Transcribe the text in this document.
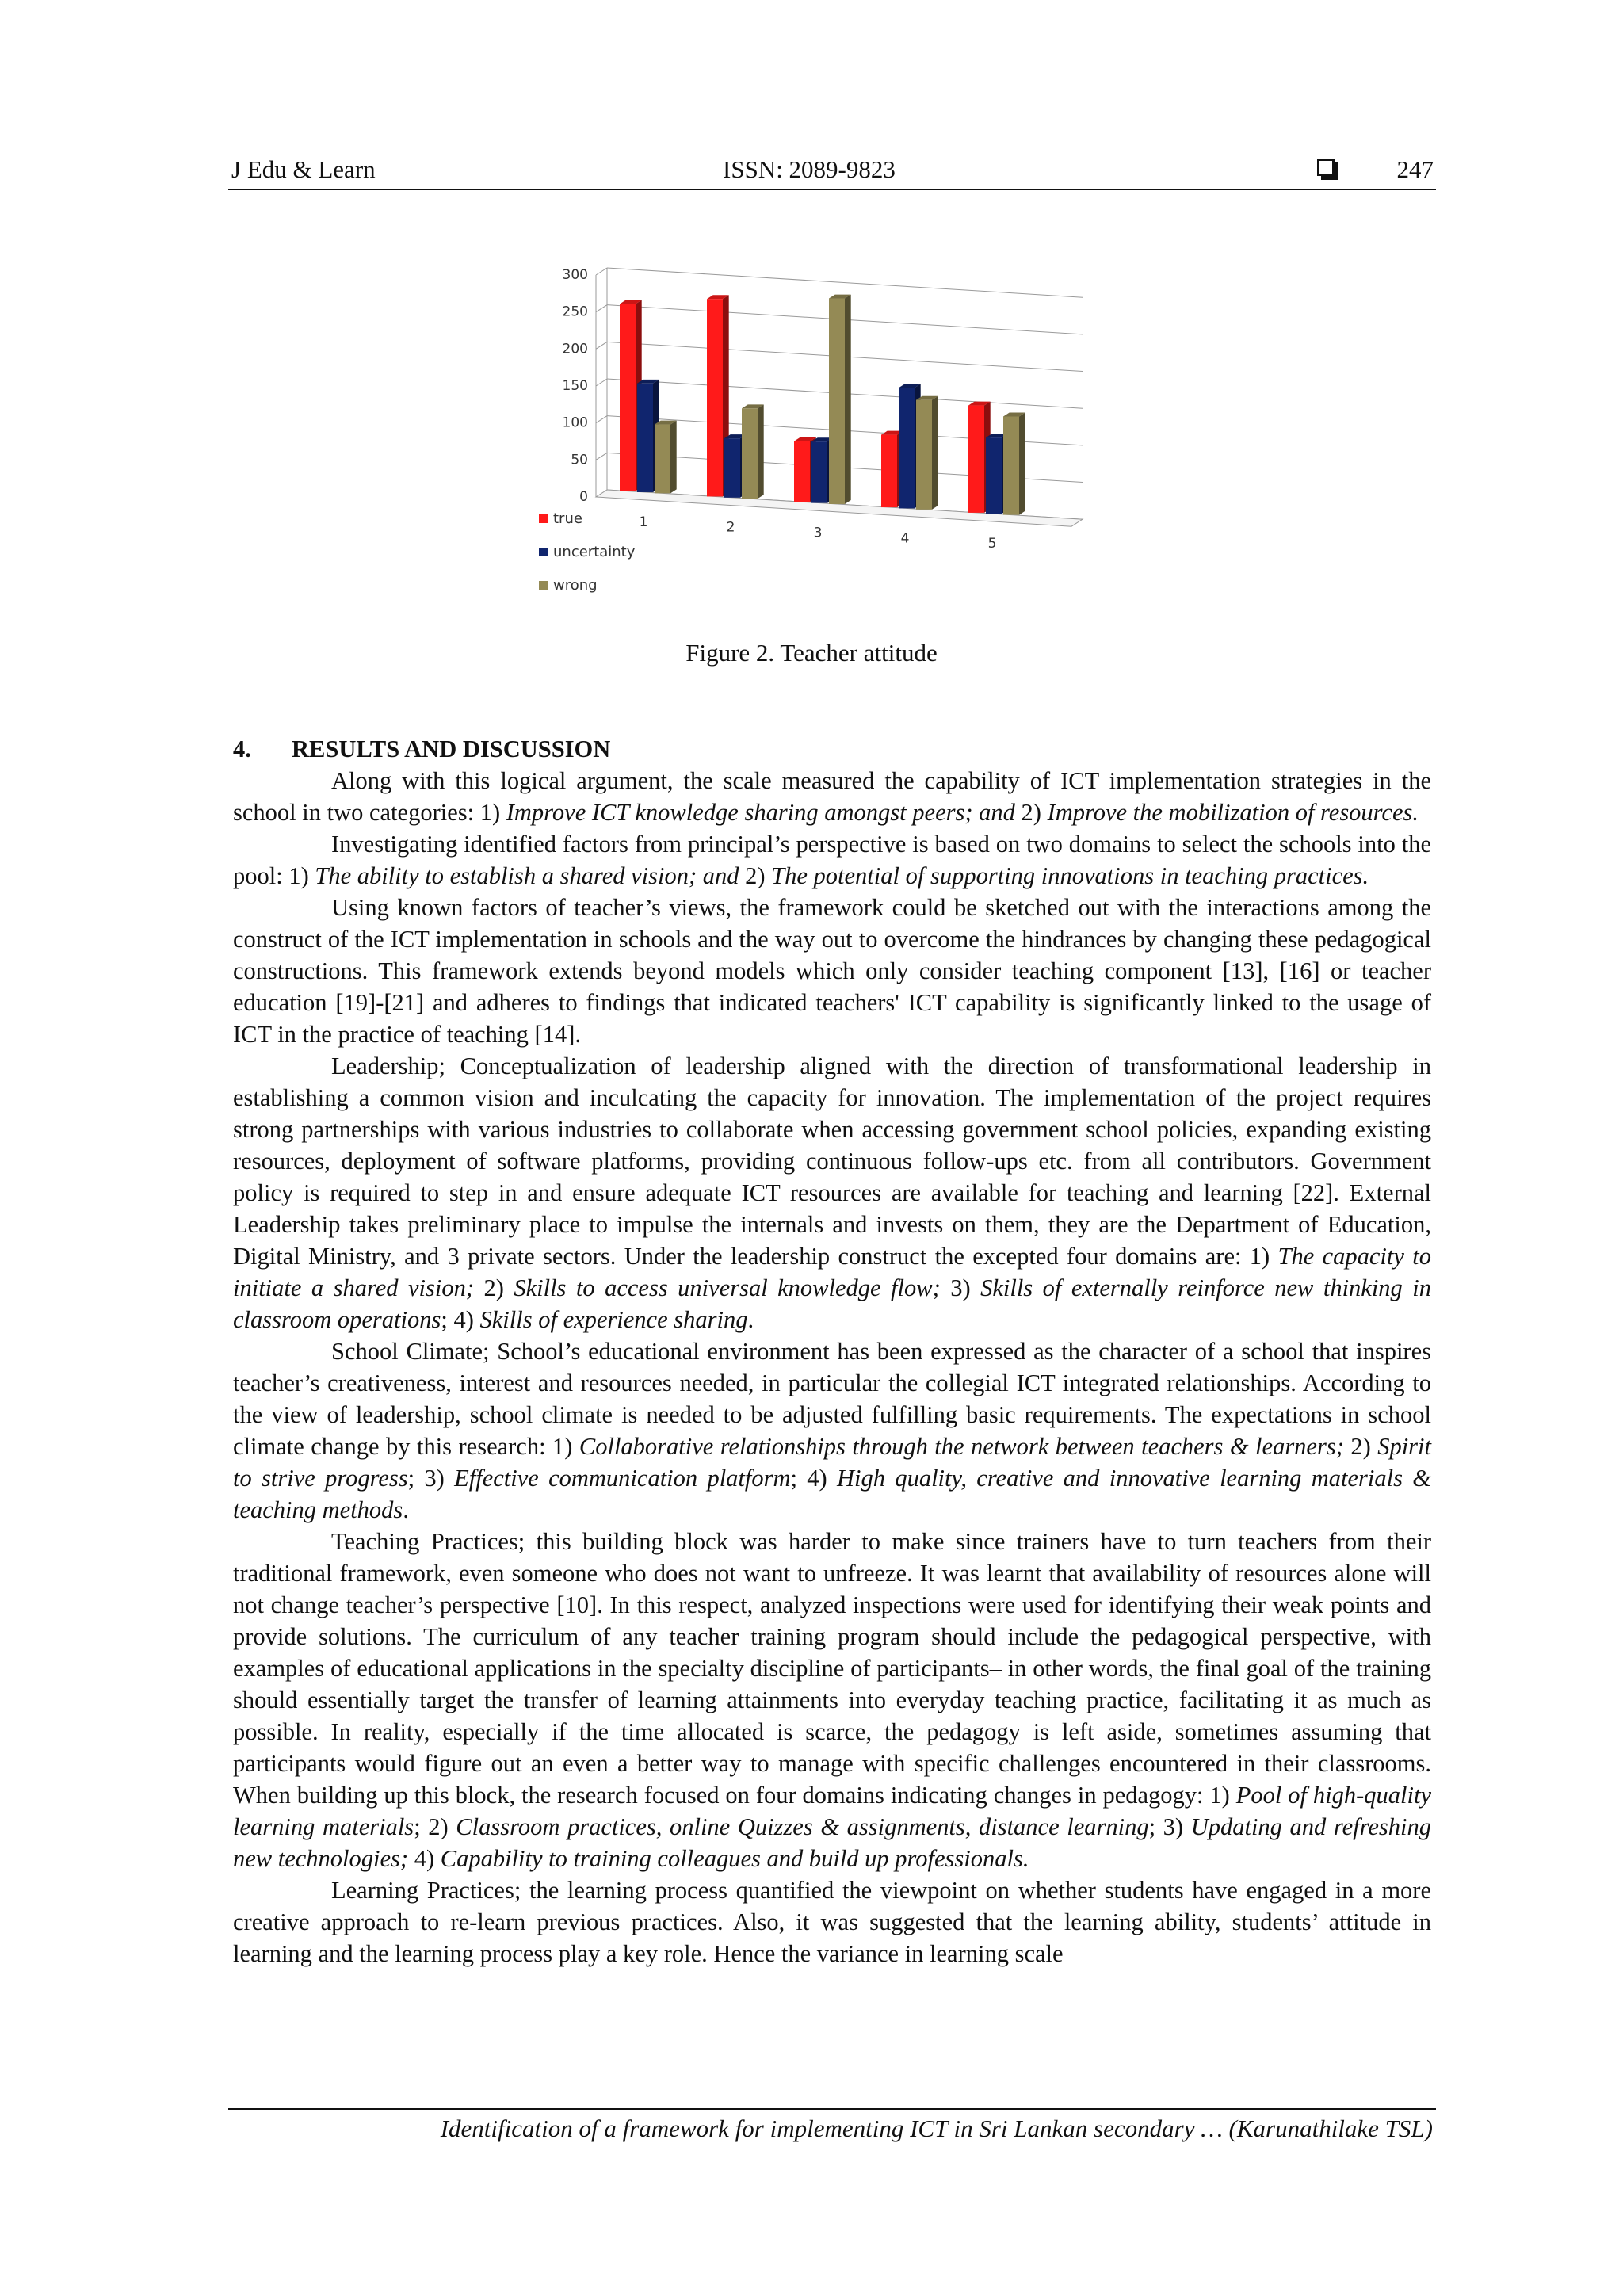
J Edu & Learn	ISSN: 2089-9823	247
0
50
100
150
200
250
300
1	2	3	4	5
true
uncertainty
wrong
Figure 2. Teacher attitude
4. RESULTS AND DISCUSSION

Along with this logical argument, the scale measured the capability of ICT implementation strategies in the school in two categories: 1) Improve ICT knowledge sharing amongst peers; and 2) Improve the mobilization of resources.

Investigating identified factors from principal’s perspective is based on two domains to select the schools into the pool: 1) The ability to establish a shared vision; and 2) The potential of supporting innovations in teaching practices.

Using known factors of teacher’s views, the framework could be sketched out with the interactions among the construct of the ICT implementation in schools and the way out to overcome the hindrances by changing these pedagogical constructions. This framework extends beyond models which only consider teaching component [13], [16] or teacher education [19]-[21] and adheres to findings that indicated teachers' ICT capability is significantly linked to the usage of ICT in the practice of teaching [14].

Leadership; Conceptualization of leadership aligned with the direction of transformational leadership in establishing a common vision and inculcating the capacity for innovation. The implementation of the project requires strong partnerships with various industries to collaborate when accessing government school policies, expanding existing resources, deployment of software platforms, providing continuous follow-ups etc. from all contributors. Government policy is required to step in and ensure adequate ICT resources are available for teaching and learning [22]. External Leadership takes preliminary place to impulse the internals and invests on them, they are the Department of Education, Digital Ministry, and 3 private sectors. Under the leadership construct the excepted four domains are: 1) The capacity to initiate a shared vision; 2) Skills to access universal knowledge flow; 3) Skills of externally reinforce new thinking in classroom operations; 4) Skills of experience sharing.

School Climate; School’s educational environment has been expressed as the character of a school that inspires teacher’s creativeness, interest and resources needed, in particular the collegial ICT integrated relationships. According to the view of leadership, school climate is needed to be adjusted fulfilling basic requirements. The expectations in school climate change by this research: 1) Collaborative relationships through the network between teachers & learners; 2) Spirit to strive progress; 3) Effective communication platform; 4) High quality, creative and innovative learning materials & teaching methods.

Teaching Practices; this building block was harder to make since trainers have to turn teachers from their traditional framework, even someone who does not want to unfreeze. It was learnt that availability of resources alone will not change teacher’s perspective [10]. In this respect, analyzed inspections were used for identifying their weak points and provide solutions. The curriculum of any teacher training program should include the pedagogical perspective, with examples of educational applications in the specialty discipline of participants– in other words, the final goal of the training should essentially target the transfer of learning attainments into everyday teaching practice, facilitating it as much as possible. In reality, especially if the time allocated is scarce, the pedagogy is left aside, sometimes assuming that participants would figure out an even a better way to manage with specific challenges encountered in their classrooms. When building up this block, the research focused on four domains indicating changes in pedagogy: 1) Pool of high-quality learning materials; 2) Classroom practices, online Quizzes & assignments, distance learning; 3) Updating and refreshing new technologies; 4) Capability to training colleagues and build up professionals.

Learning Practices; the learning process quantified the viewpoint on whether students have engaged in a more creative approach to re-learn previous practices. Also, it was suggested that the learning ability, students’ attitude in learning and the learning process play a key role. Hence the variance in learning scale

Identification of a framework for implementing ICT in Sri Lankan secondary … (Karunathilake TSL)
